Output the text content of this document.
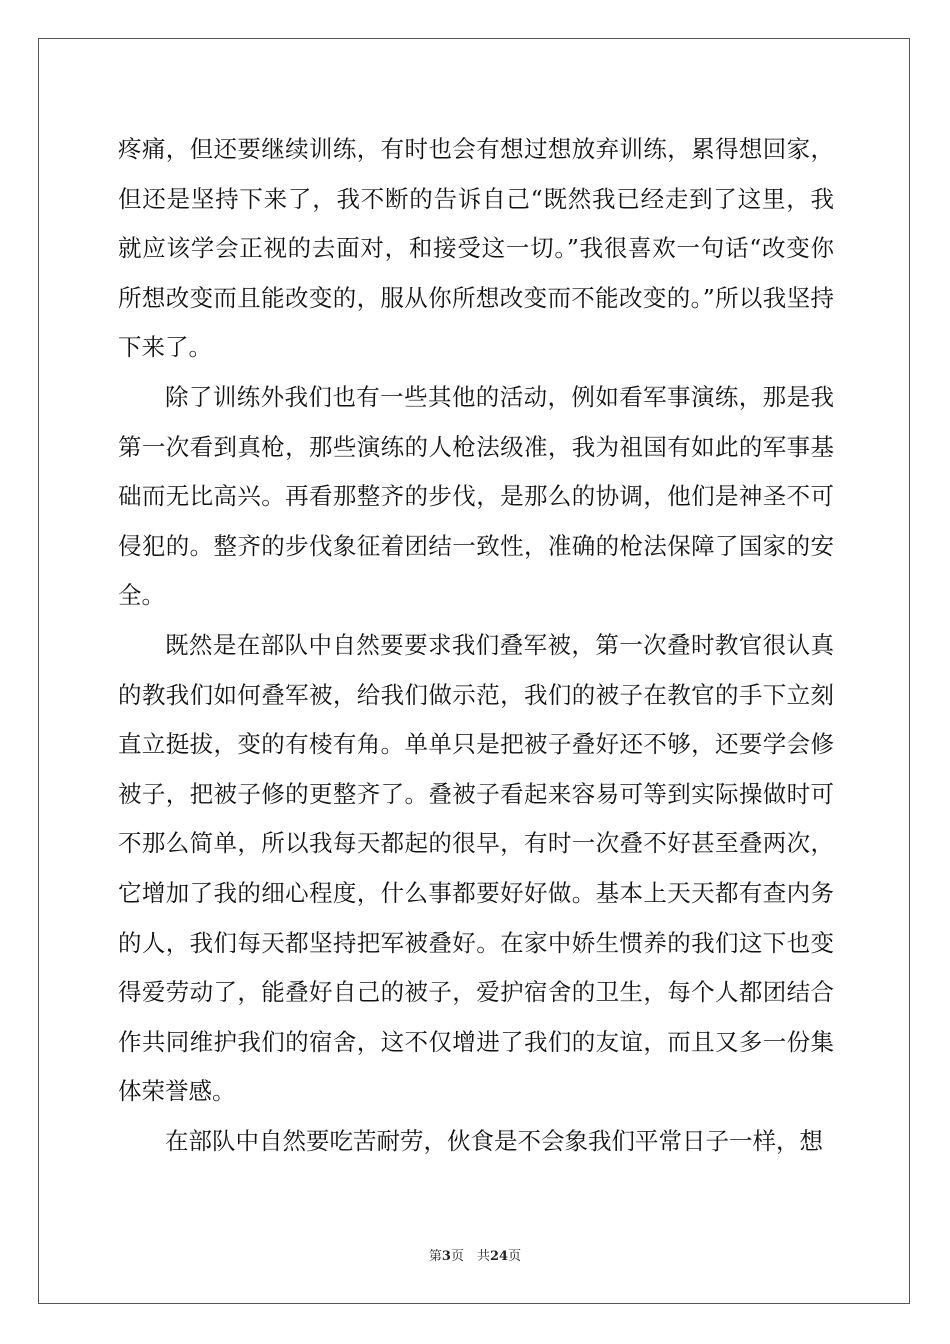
疼痛，但还要继续训练，有时也会有想过想放弃训练，累得想回家，但还是坚持下来了，我不断的告诉自己“既然我已经走到了这里，我就应该学会正视的去面对，和接受这一切。”我很喜欢一句话“改变你所想改变而且能改变的，服从你所想改变而不能改变的。”所以我坚持下来了。

除了训练外我们也有一些其他的活动，例如看军事演练，那是我第一次看到真枪，那些演练的人枪法级准，我为祖国有如此的军事基础而无比高兴。再看那整齐的步伐，是那么的协调，他们是神圣不可侵犯的。整齐的步伐象征着团结一致性，准确的枪法保障了国家的安全。

既然是在部队中自然要要求我们叠军被，第一次叠时教官很认真的教我们如何叠军被，给我们做示范，我们的被子在教官的手下立刻直立挺拔，变的有棱有角。单单只是把被子叠好还不够，还要学会修被子，把被子修的更整齐了。叠被子看起来容易可等到实际操做时可不那么简单，所以我每天都起的很早，有时一次叠不好甚至叠两次，它增加了我的细心程度，什么事都要好好做。基本上天天都有查内务的人，我们每天都坚持把军被叠好。在家中娇生惯养的我们这下也变得爱劳动了，能叠好自己的被子，爱护宿舍的卫生，每个人都团结合作共同维护我们的宿舍，这不仅增进了我们的友谊，而且又多一份集体荣誉感。

在部队中自然要吃苦耐劳，伙食是不会象我们平常日子一样，想

第3页　共24页
